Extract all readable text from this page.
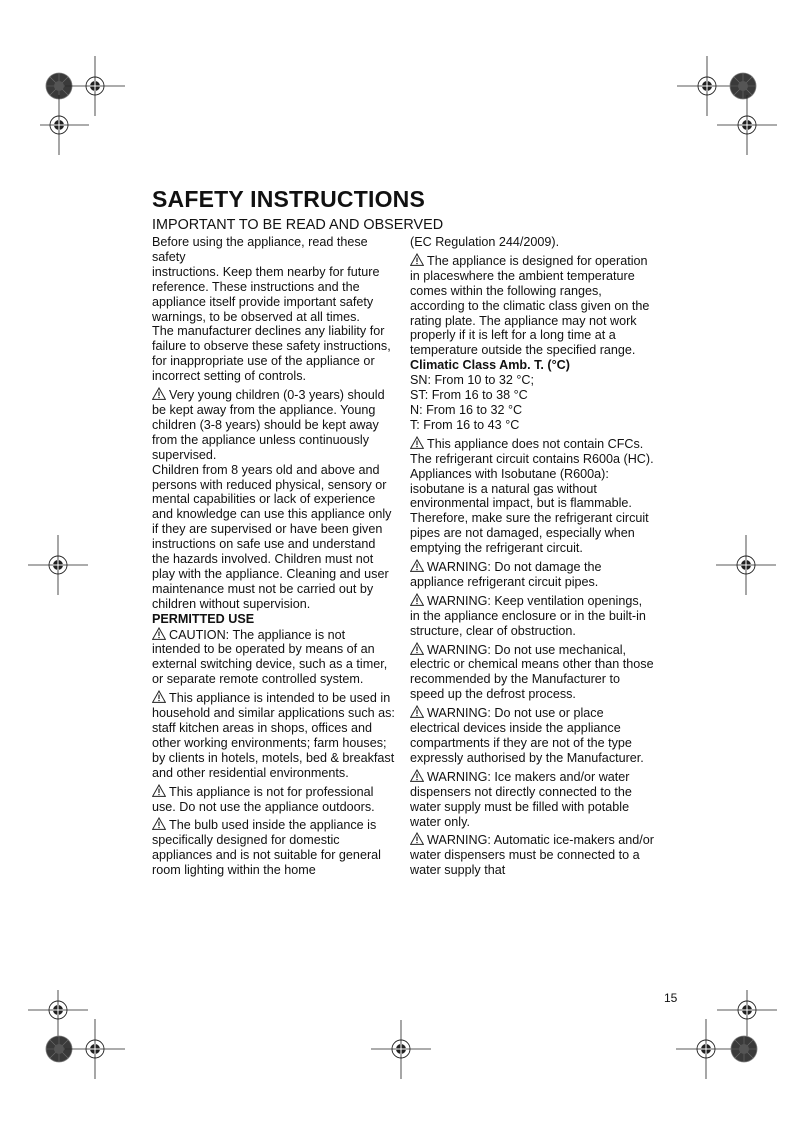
SAFETY INSTRUCTIONS
IMPORTANT TO BE READ AND OBSERVED

Before using the appliance, read these safety

instructions. Keep them nearby for future reference. These instructions and the appliance itself provide important safety warnings, to be observed at all times.

The manufacturer declines any liability for failure to observe these safety instructions, for inappropriate use of the appliance or incorrect setting of controls.

Very young children (0-3 years) should be kept away from the appliance. Young children (3-8 years) should be kept away from the appliance unless continuously supervised.

Children from 8 years old and above and persons with reduced physical, sensory or mental capabilities or lack of experience and knowledge can use this appliance only if they are supervised or have been given instructions on safe use and understand the hazards involved. Children must not play with the appliance. Cleaning and user maintenance must not be carried out by children without supervision.

PERMITTED USE

CAUTION: The appliance is not intended to be operated by means of an external switching device, such as a timer, or separate remote controlled system.

This appliance is intended to be used in household and similar applications such as: staff kitchen areas in shops, offices and other working environments; farm houses; by clients in hotels, motels, bed & breakfast and other residential environments.

This appliance is not for professional use. Do not use the appliance outdoors.

The bulb used inside the appliance is specifically designed for domestic appliances and is not suitable for general room lighting within the home

(EC Regulation 244/2009).

The appliance is designed for operation in placeswhere the ambient temperature comes within the following ranges, according to the climatic class given on the rating plate. The appliance may not work properly if it is left for a long time at a temperature outside the specified range.

Climatic Class Amb. T. (°C)

SN: From 10 to 32 °C;

ST: From 16 to 38 °C

N: From 16 to 32 °C

T: From 16 to 43 °C

This appliance does not contain CFCs. The refrigerant circuit contains R600a (HC). Appliances with Isobutane (R600a): isobutane is a natural gas without environmental impact, but is flammable. Therefore, make sure the refrigerant circuit pipes are not damaged, especially when emptying the refrigerant circuit.

WARNING: Do not damage the appliance refrigerant circuit pipes.

WARNING: Keep ventilation openings, in the appliance enclosure or in the built-in structure, clear of obstruction.

WARNING: Do not use mechanical, electric or chemical means other than those recommended by the Manufacturer to speed up the defrost process.

WARNING: Do not use or place electrical devices inside the appliance compartments if they are not of the type expressly authorised by the Manufacturer.

WARNING: Ice makers and/or water dispensers not directly connected to the water supply must be filled with potable water only.

WARNING: Automatic ice-makers and/or water dispensers must be connected to a water supply that

15
